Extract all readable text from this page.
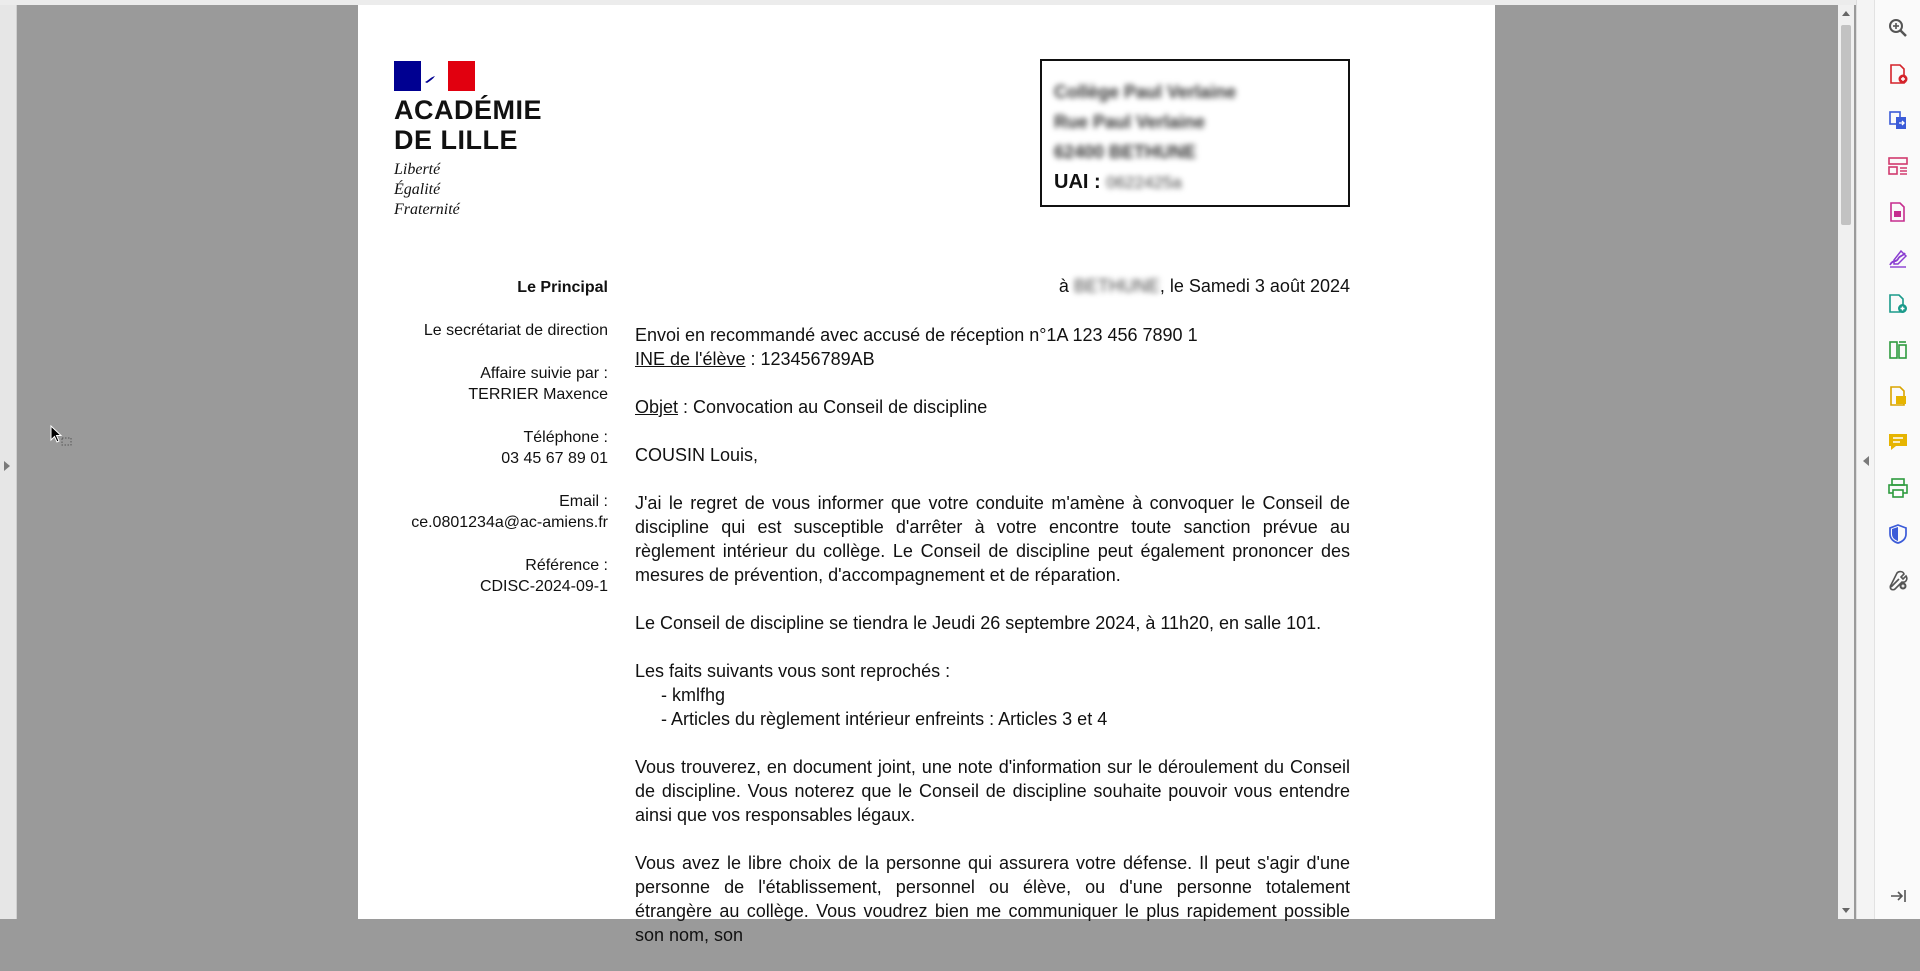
ACADÉMIE
DE LILLE
Liberté
Égalité
Fraternité
Collège Paul Verlaine
Rue Paul Verlaine
62400 BETHUNE
UAI : 0622425a
Le Principal
Le secrétariat de direction
Affaire suivie par :
TERRIER Maxence
Téléphone :
03 45 67 89 01
Email :
ce.0801234a@ac-amiens.fr
Référence :
CDISC-2024-09-1
à BETHUNE, le Samedi 3 août 2024
Envoi en recommandé avec accusé de réception n°1A 123 456 7890 1
INE de l'élève : 123456789AB

Objet : Convocation au Conseil de discipline

COUSIN Louis,

J'ai le regret de vous informer que votre conduite m'amène à convoquer le Conseil de discipline qui est susceptible d'arrêter à votre encontre toute sanction prévue au règlement intérieur du collège. Le Conseil de discipline peut également prononcer des mesures de prévention, d'accompagnement et de réparation.

Le Conseil de discipline se tiendra le Jeudi 26 septembre 2024, à 11h20, en salle 101.

Les faits suivants vous sont reprochés :
- kmlfhg
- Articles du règlement intérieur enfreints : Articles 3 et 4

Vous trouverez, en document joint, une note d'information sur le déroulement du Conseil de discipline. Vous noterez que le Conseil de discipline souhaite pouvoir vous entendre ainsi que vos responsables légaux.

Vous avez le libre choix de la personne qui assurera votre défense. Il peut s'agir d'une personne de l'établissement, personnel ou élève, ou d'une personne totalement étrangère au collège. Vous voudrez bien me communiquer le plus rapidement possible son nom, son
